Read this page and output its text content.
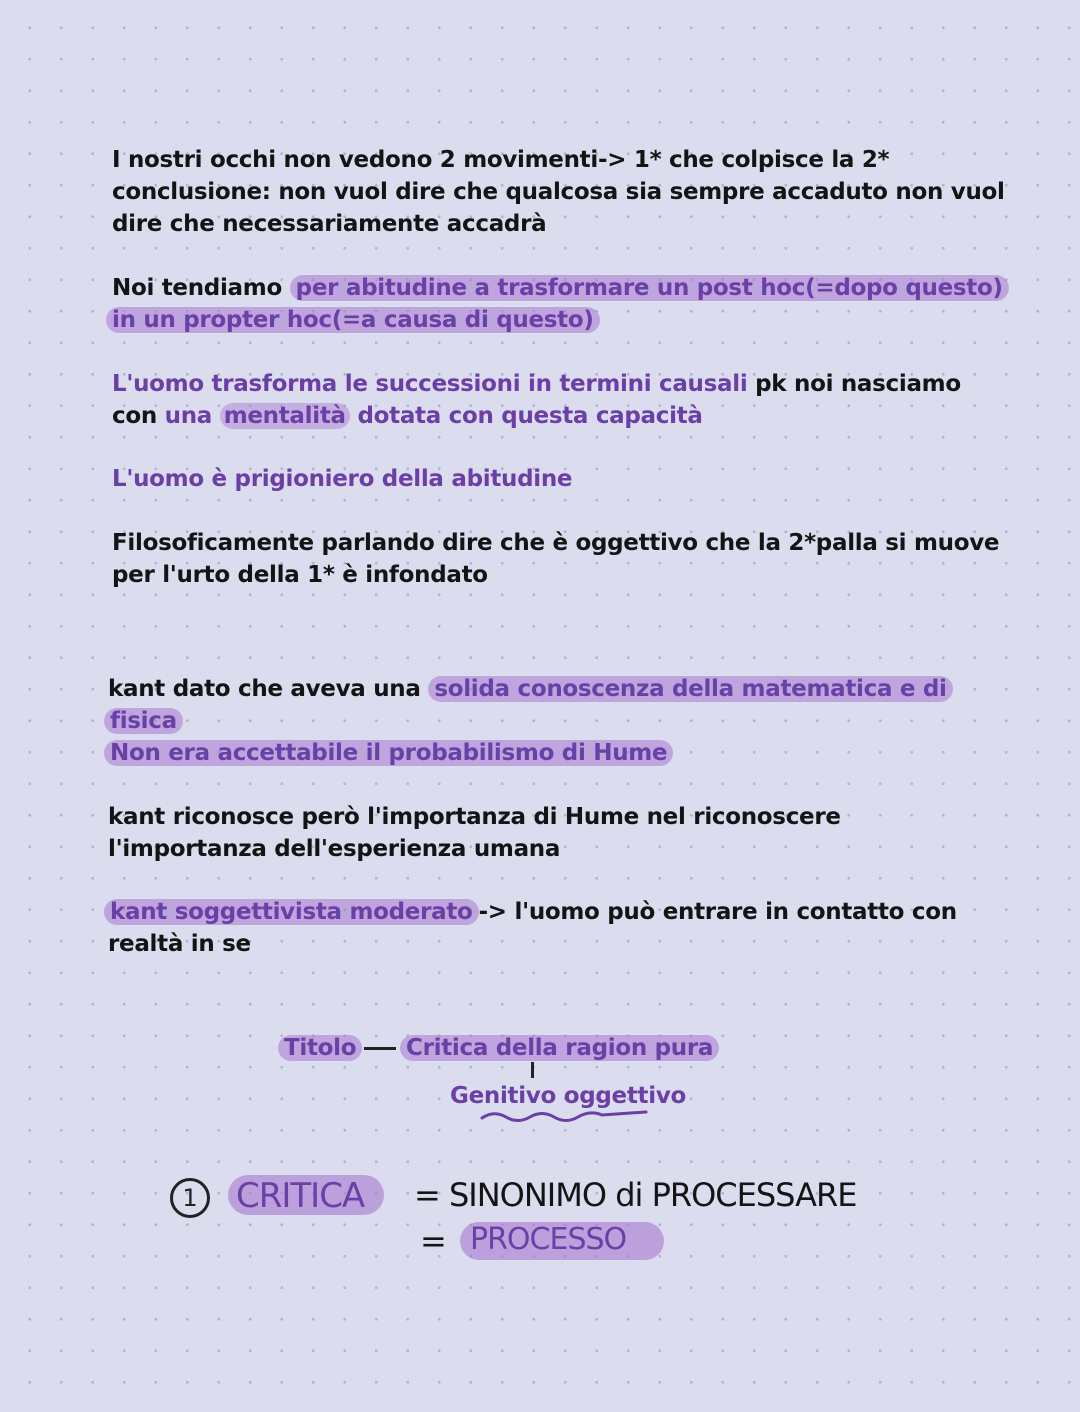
I nostri occhi non vedono 2 movimenti-> 1* che colpisce la 2*
conclusione: non vuol dire che qualcosa sia sempre accaduto non vuol
dire che necessariamente accadrà
Noi tendiamo per abitudine a trasformare un post hoc(=dopo questo)
in un propter hoc(=a causa di questo)
L'uomo trasforma le successioni in termini causali pk noi nasciamo
con una mentalità dotata con questa capacità
L'uomo è prigioniero della abitudine
Filosoficamente parlando dire che è oggettivo che la 2*palla si muove
per l'urto della 1* è infondato
kant dato che aveva una solida conoscenza della matematica e di
fisica
Non era accettabile il probabilismo di Hume
kant riconosce però l'importanza di Hume nel riconoscere
l'importanza dell'esperienza umana
kant soggettivista moderato -> l'uomo può entrare in contatto con
realtà in se
Titolo Critica della ragion pura
Genitivo oggettivo
1 CRITICA = SINONIMO di PROCESSARE
= PROCESSO
